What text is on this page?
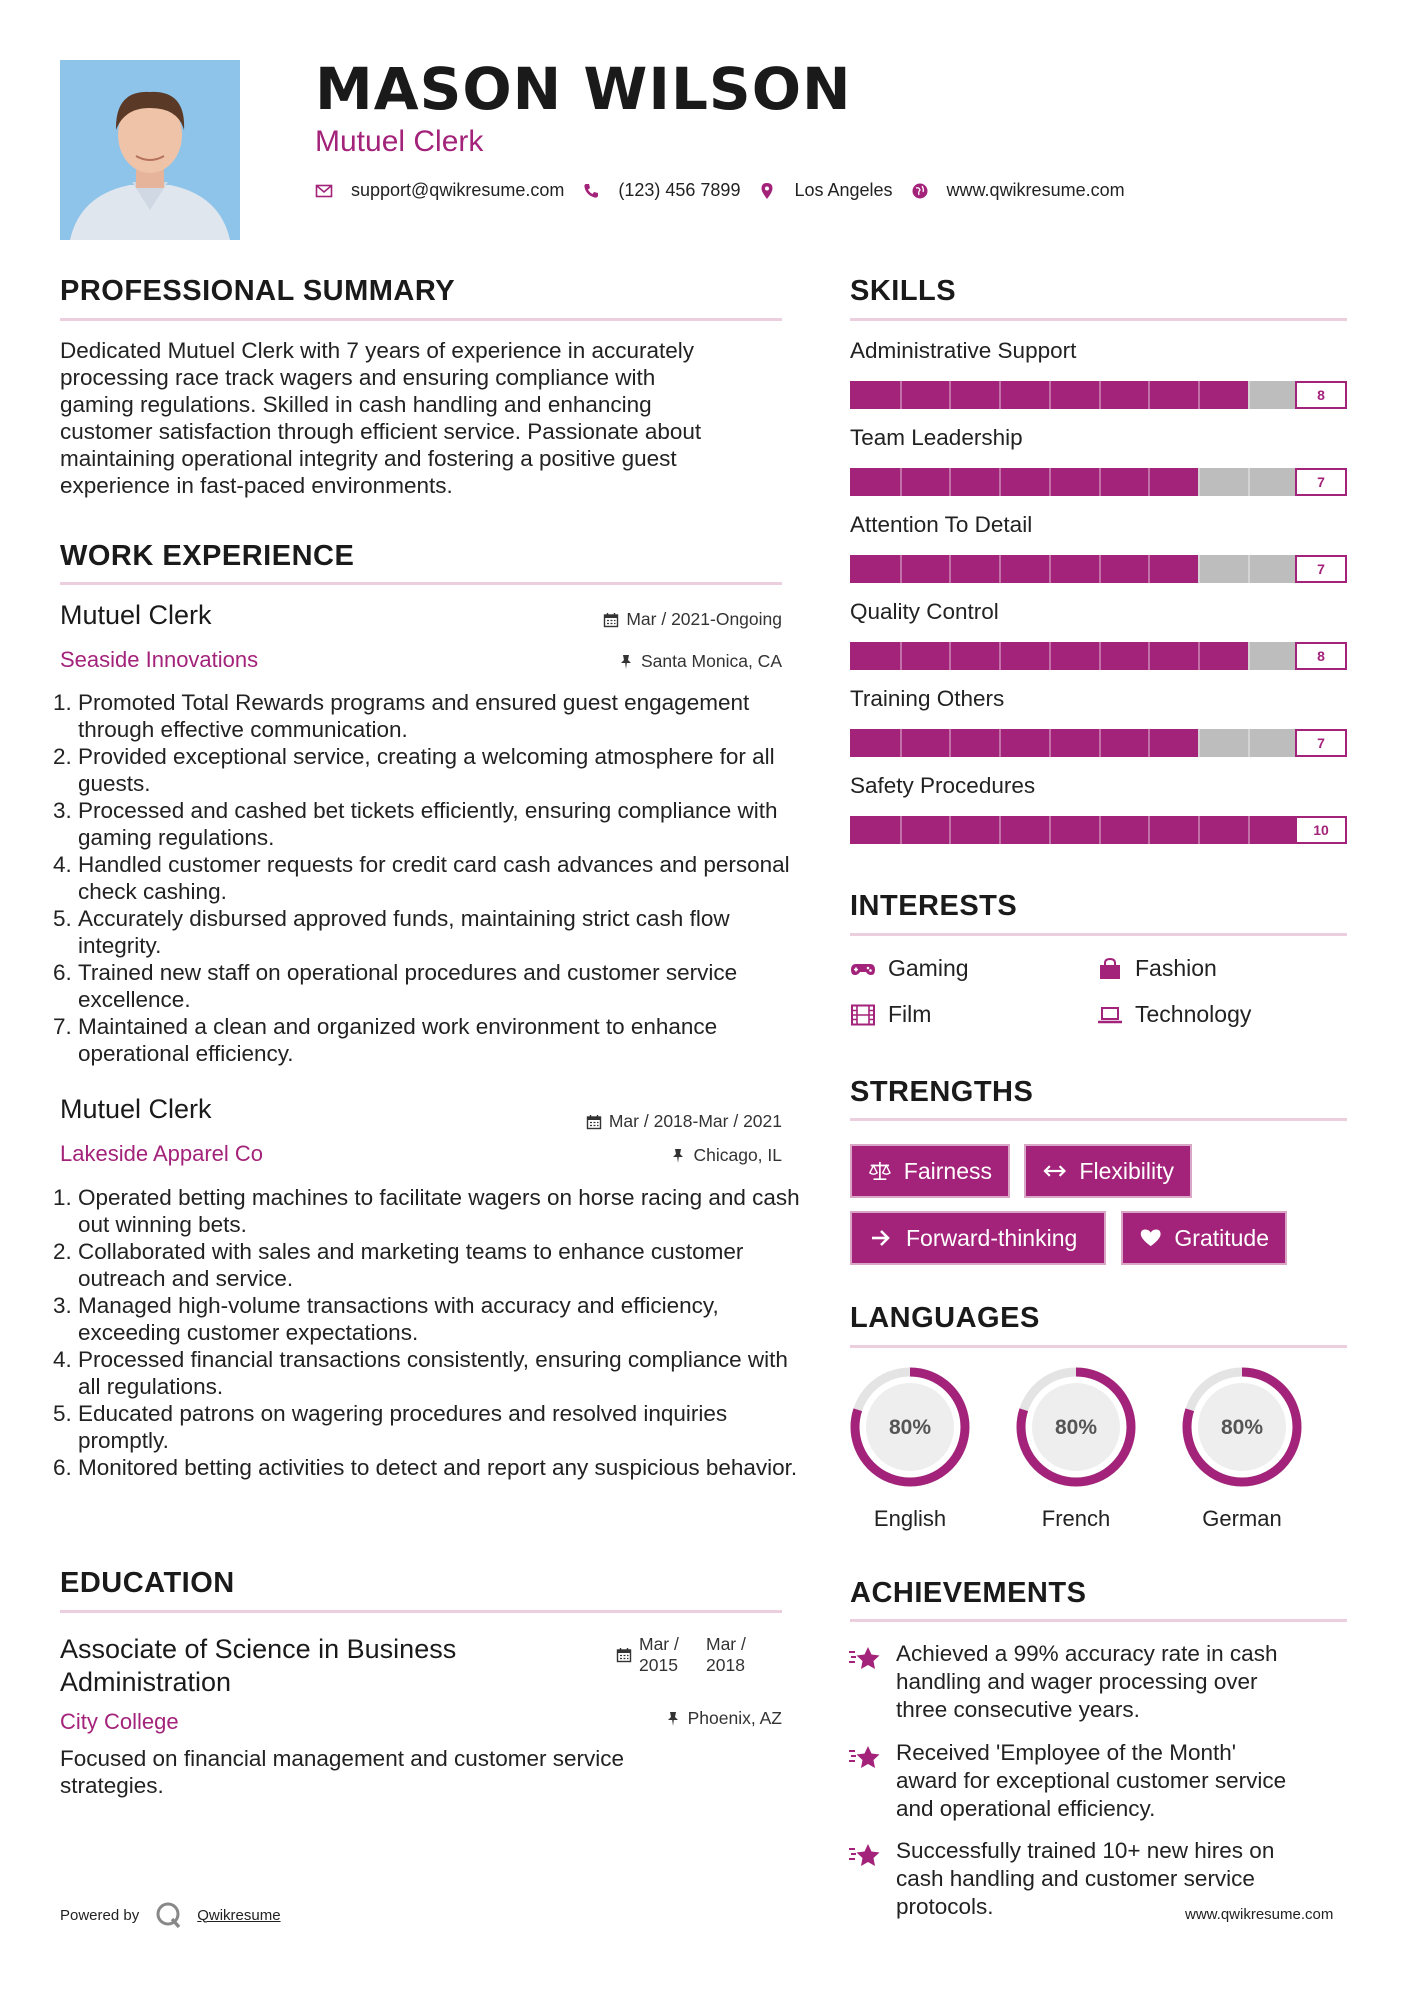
MASON WILSON
Mutuel Clerk
support@qwikresume.com	(123) 456 7899	Los Angeles	www.qwikresume.com
PROFESSIONAL SUMMARY
Dedicated Mutuel Clerk with 7 years of experience in accurately
processing race track wagers and ensuring compliance with
gaming regulations. Skilled in cash handling and enhancing
customer satisfaction through efficient service. Passionate about
maintaining operational integrity and fostering a positive guest
experience in fast-paced environments.
WORK EXPERIENCE
Mutuel Clerk	Mar / 2021-Ongoing
Seaside Innovations	Santa Monica, CA
1. Promoted Total Rewards programs and ensured guest engagement through effective communication.
2. Provided exceptional service, creating a welcoming atmosphere for all guests.
3. Processed and cashed bet tickets efficiently, ensuring compliance with gaming regulations.
4. Handled customer requests for credit card cash advances and personal check cashing.
5. Accurately disbursed approved funds, maintaining strict cash flow integrity.
6. Trained new staff on operational procedures and customer service excellence.
7. Maintained a clean and organized work environment to enhance operational efficiency.
Mutuel Clerk	Mar / 2018-Mar / 2021
Lakeside Apparel Co	Chicago, IL
1. Operated betting machines to facilitate wagers on horse racing and cash out winning bets.
2. Collaborated with sales and marketing teams to enhance customer outreach and service.
3. Managed high-volume transactions with accuracy and efficiency, exceeding customer expectations.
4. Processed financial transactions consistently, ensuring compliance with all regulations.
5. Educated patrons on wagering procedures and resolved inquiries promptly.
6. Monitored betting activities to detect and report any suspicious behavior.
EDUCATION
Associate of Science in Business
Administration
Mar /
2015
Mar /
2018
City College	Phoenix, AZ
Focused on financial management and customer service
strategies.
SKILLS
Administrative Support
8
Team Leadership
7
Attention To Detail
7
Quality Control
8
Training Others
7
Safety Procedures
10
INTERESTS
Gaming	Fashion
Film	Technology
STRENGTHS
Fairness	Flexibility
Forward-thinking	Gratitude
LANGUAGES
80%
English
80%
French
80%
German
ACHIEVEMENTS
Achieved a 99% accuracy rate in cash
handling and wager processing over
three consecutive years.
Received 'Employee of the Month'
award for exceptional customer service
and operational efficiency.
Successfully trained 10+ new hires on
cash handling and customer service
protocols.
Powered by	Qwikresume	www.qwikresume.com
